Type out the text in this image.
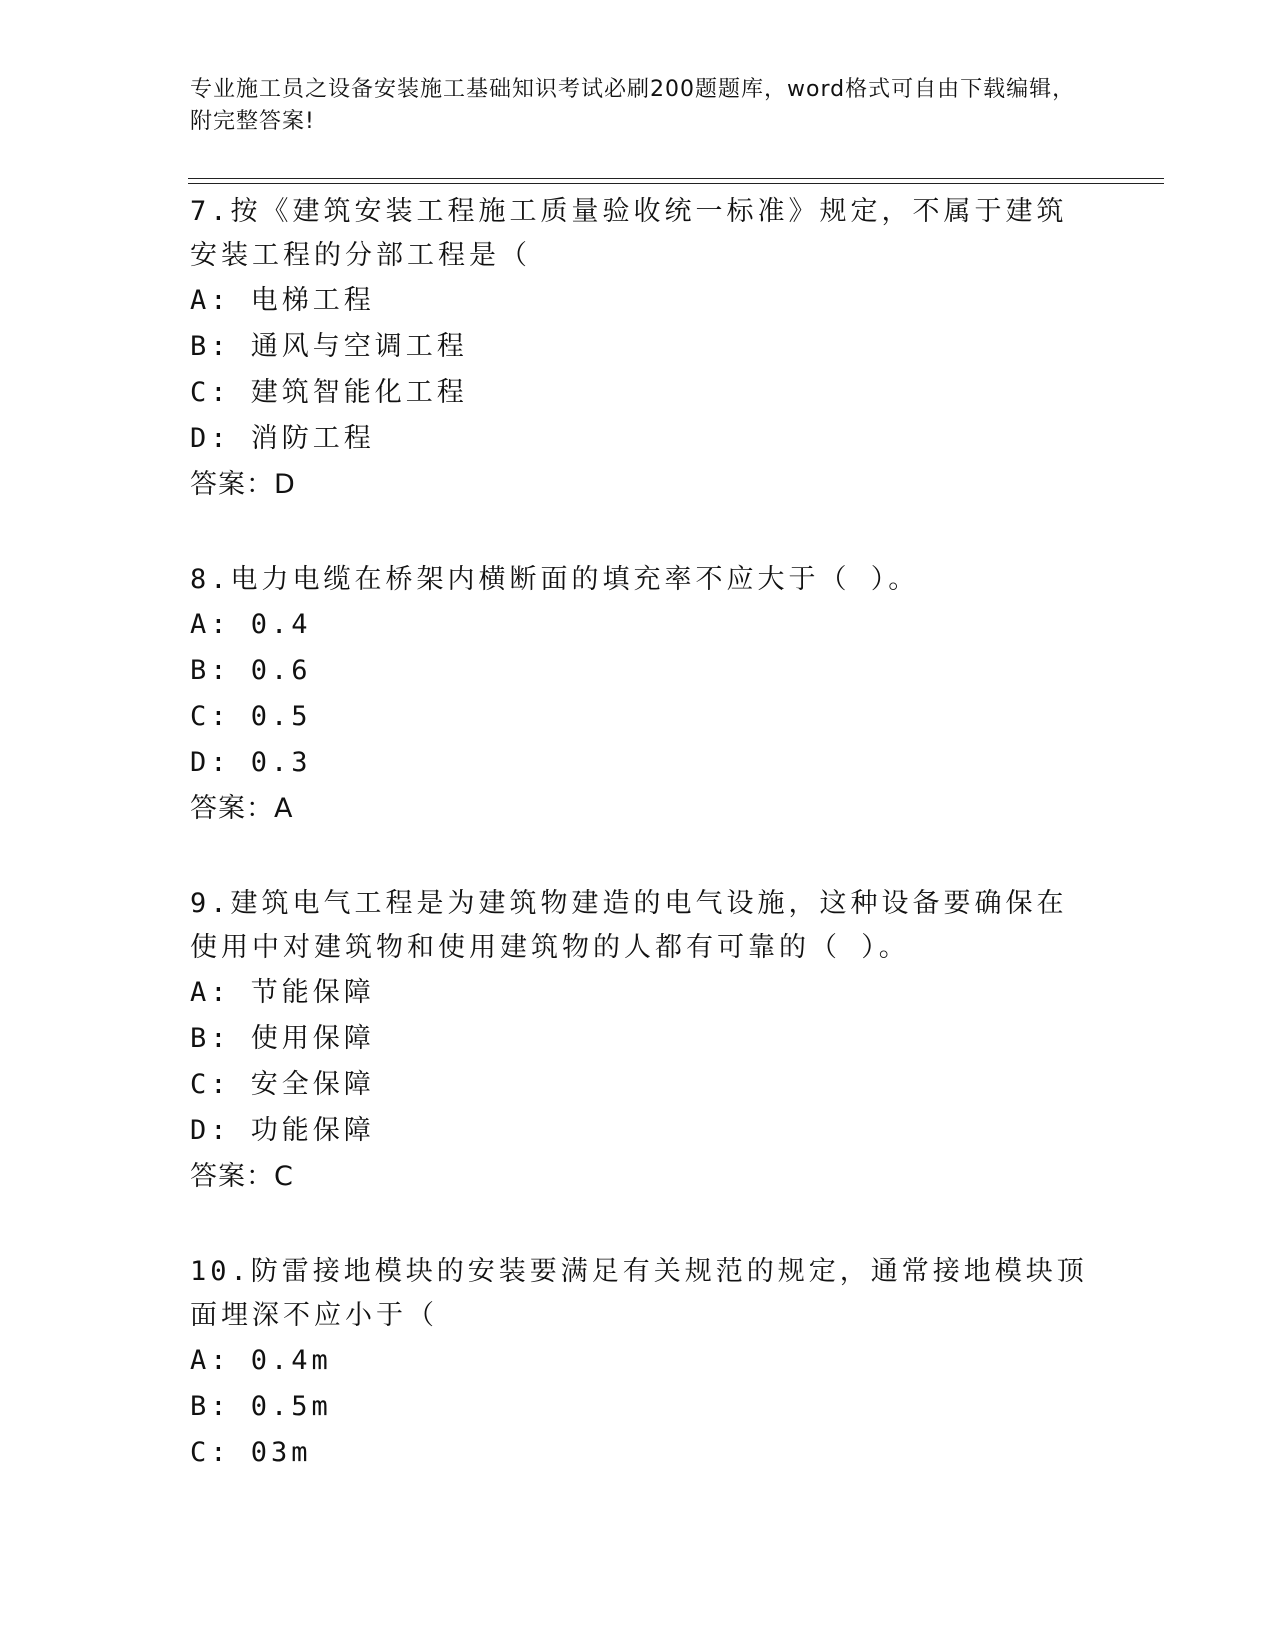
专业施工员之设备安装施工基础知识考试必刷200题题库，word格式可自由下载编辑，附完整答案!

7.按《建筑安装工程施工质量验收统一标准》规定，不属于建筑安装工程的分部工程是（

A: 电梯工程

B: 通风与空调工程

C: 建筑智能化工程

D: 消防工程

答案：D

8.电力电缆在桥架内横断面的填充率不应大于（ ）。

A: 0.4

B: 0.6

C: 0.5

D: 0.3

答案：A

9.建筑电气工程是为建筑物建造的电气设施，这种设备要确保在使用中对建筑物和使用建筑物的人都有可靠的（ ）。

A: 节能保障

B: 使用保障

C: 安全保障

D: 功能保障

答案：C

10.防雷接地模块的安装要满足有关规范的规定，通常接地模块顶面埋深不应小于（

A: 0.4m

B: 0.5m

C: 03m
